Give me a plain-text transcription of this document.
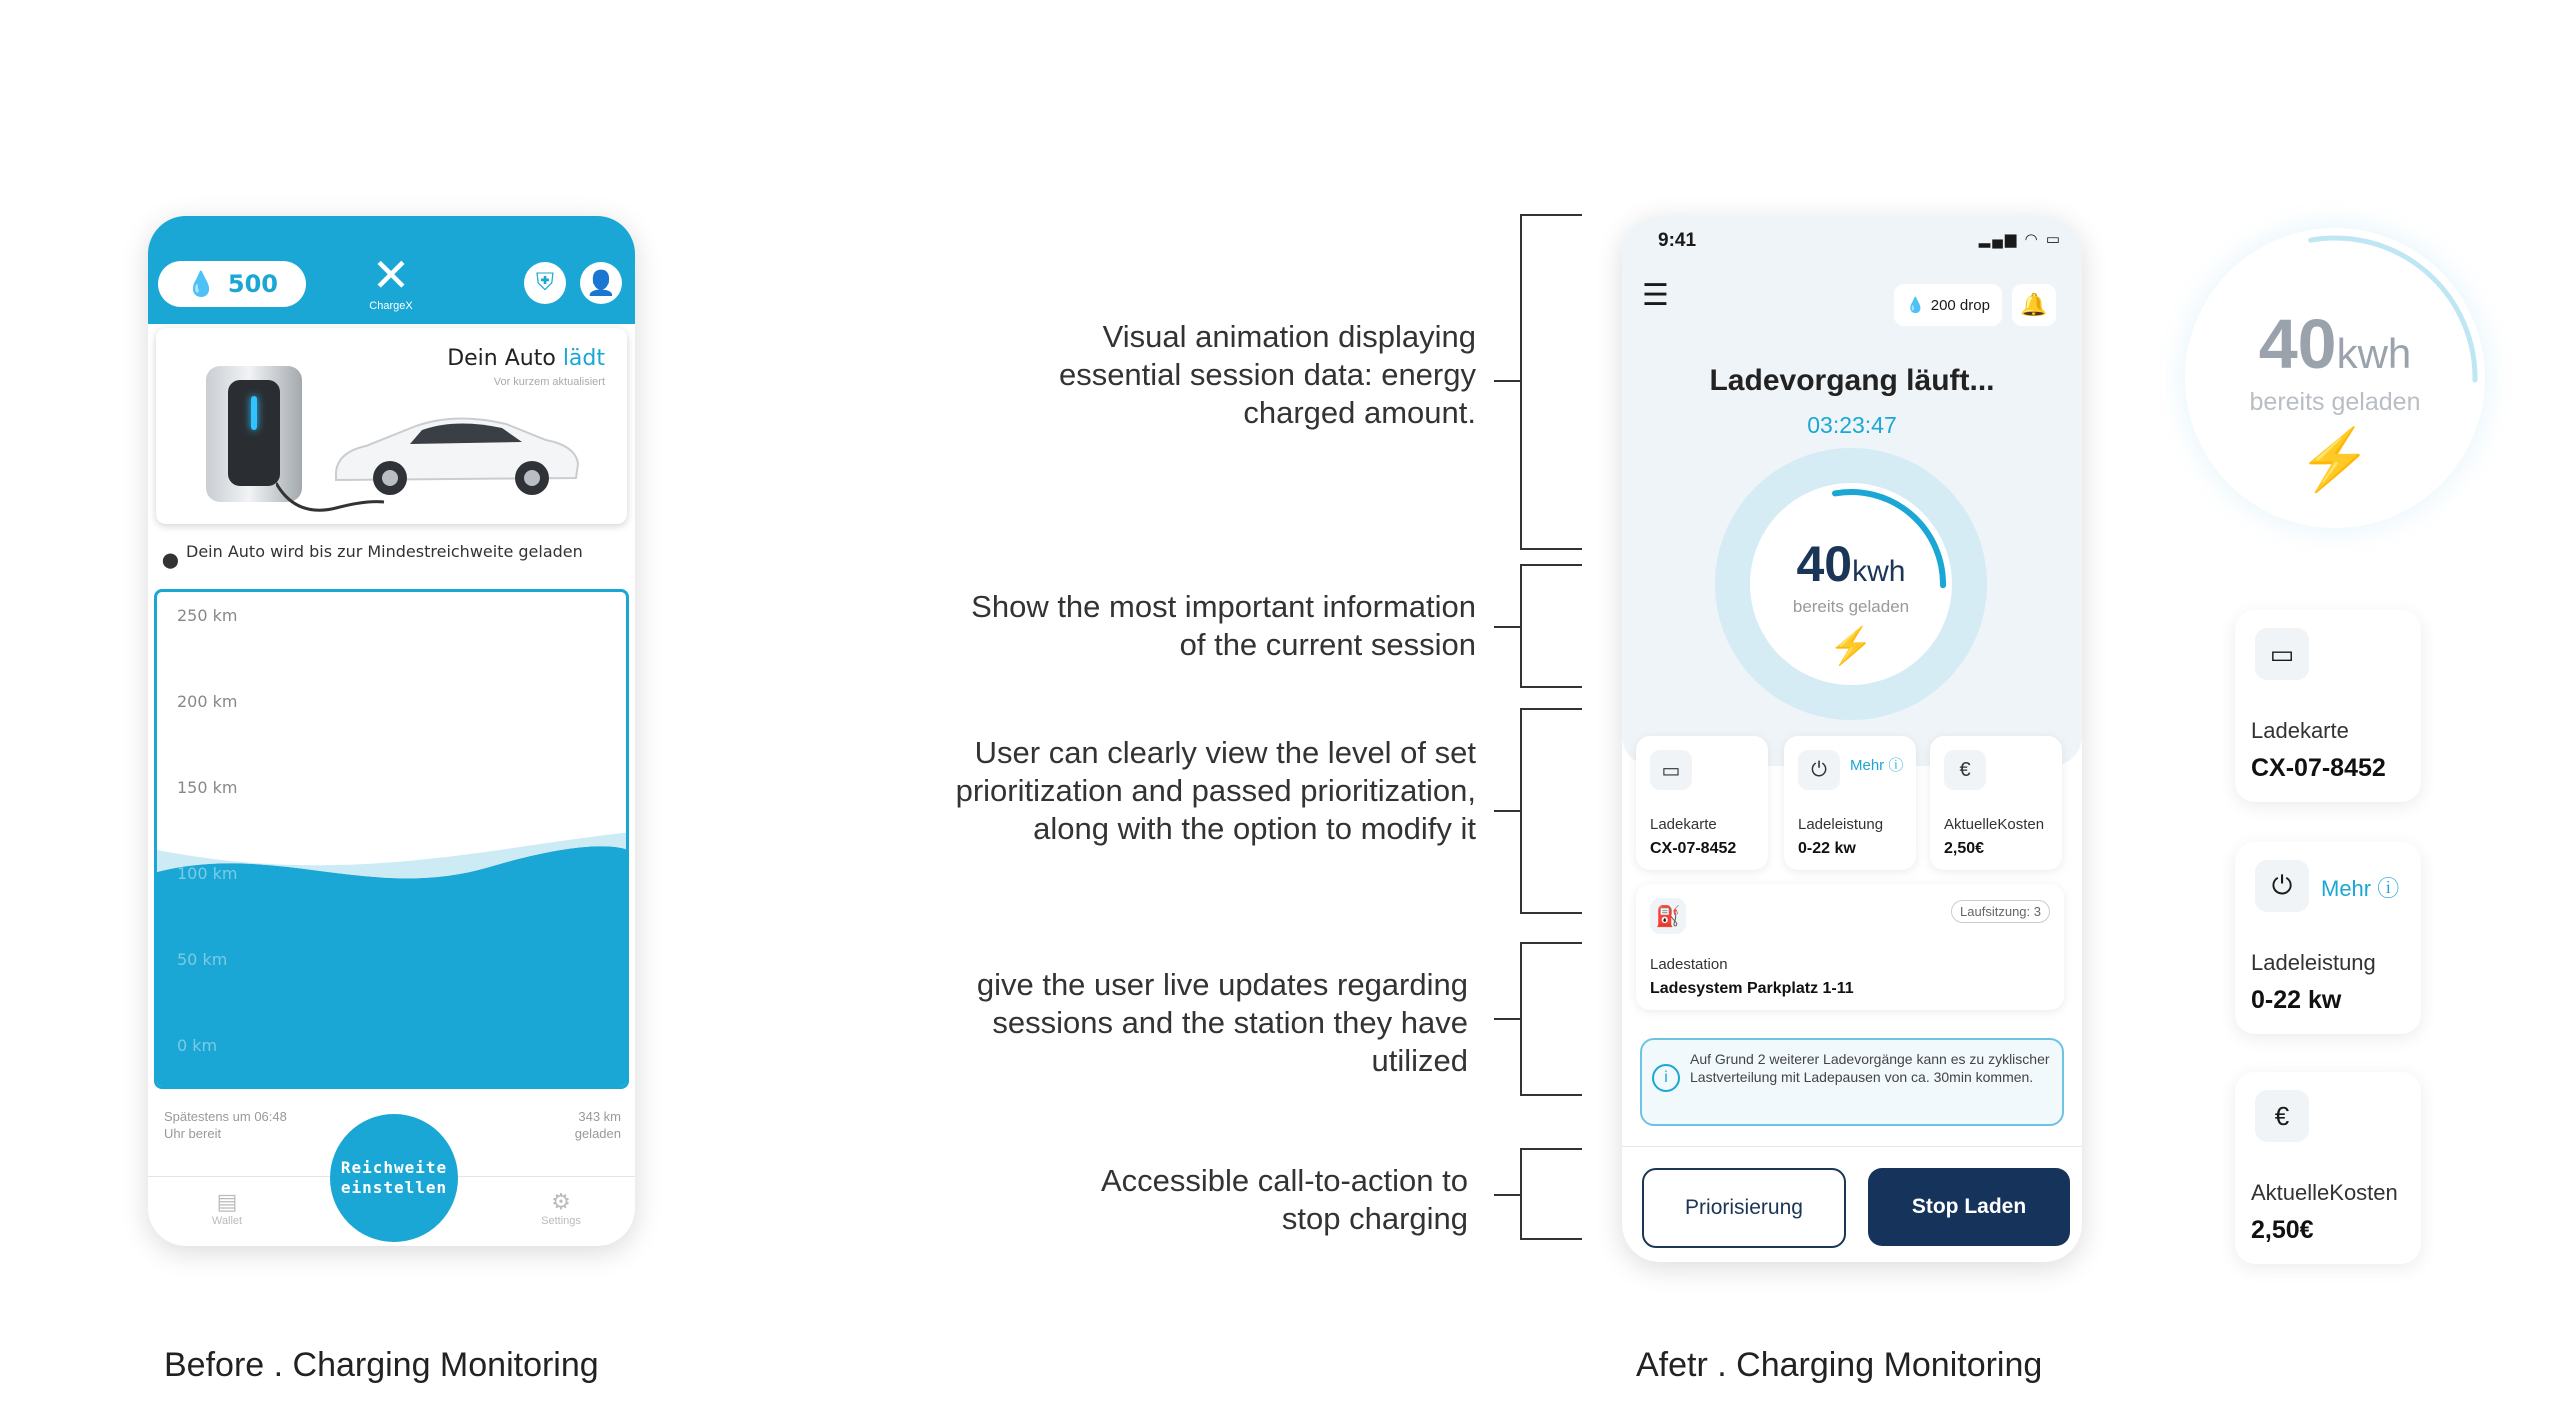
💧 500 ✕
ChargeX
⛨	👤
Dein Auto lädt
Vor kurzem aktualisiert
⬤ Dein Auto wird bis zur Mindestreichweite geladen
250 km
200 km
150 km
100 km
50 km
0 km
Spätestens um 06:48 Uhr bereit
343 km geladen
▤
Wallet
⚙
Settings
Reichweite einstellen
Visual animation displaying essential session data: energy charged amount.
Show the most important information of the current session
User can clearly view the level of set prioritization and passed prioritization, along with the option to modify it
give the user live updates regarding sessions and the station they have utilized
Accessible call-to-action to stop charging
9:41	▂▄▆ ◠ ▭
☰	💧 200 drop	🔔
Ladevorgang läuft...
03:23:47
40kwh
bereits geladen
⚡
▭
Ladekarte
CX-07-8452
⏻	Mehr ⓘ
Ladeleistung
0-22 kw
€
AktuelleKosten
2,50€
⛽	Laufsitzung: 3
Ladestation
Ladesystem Parkplatz 1-11
i
Auf Grund 2 weiterer Ladevorgänge kann es zu zyklischer Lastverteilung mit Ladepausen von ca. 30min kommen.
Priorisierung	Stop Laden
40kwh
bereits geladen
⚡
▭
Ladekarte
CX-07-8452
⏻	Mehr ⓘ
Ladeleistung
0-22 kw
€
AktuelleKosten
2,50€
Before . Charging Monitoring	Afetr . Charging Monitoring
